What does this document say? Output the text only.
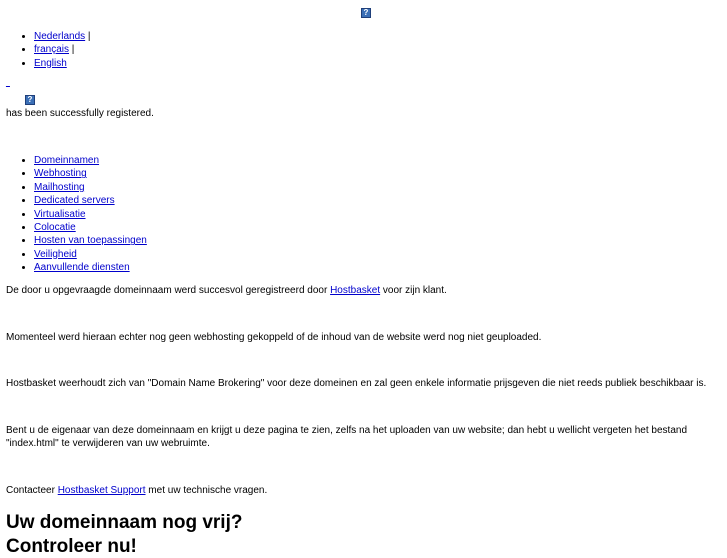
?
• Nederlands |
• français |
• English
_
?
has been successfully registered.
• Domeinnamen
• Webhosting
• Mailhosting
• Dedicated servers
• Virtualisatie
• Colocatie
• Hosten van toepassingen
• Veiligheid
• Aanvullende diensten
De door u opgevraagde domeinnaam werd succesvol geregistreerd door Hostbasket voor zijn klant.
Momenteel werd hieraan echter nog geen webhosting gekoppeld of de inhoud van de website werd nog niet geuploaded.
Hostbasket weerhoudt zich van "Domain Name Brokering" voor deze domeinen en zal geen enkele informatie prijsgeven die niet reeds publiek beschikbaar is.
Bent u de eigenaar van deze domeinnaam en krijgt u deze pagina te zien, zelfs na het uploaden van uw website; dan hebt u wellicht vergeten het bestand "index.html" te verwijderen van uw webruimte.
Contacteer Hostbasket Support met uw technische vragen.
Uw domeinnaam nog vrij?
Controleer nu!
